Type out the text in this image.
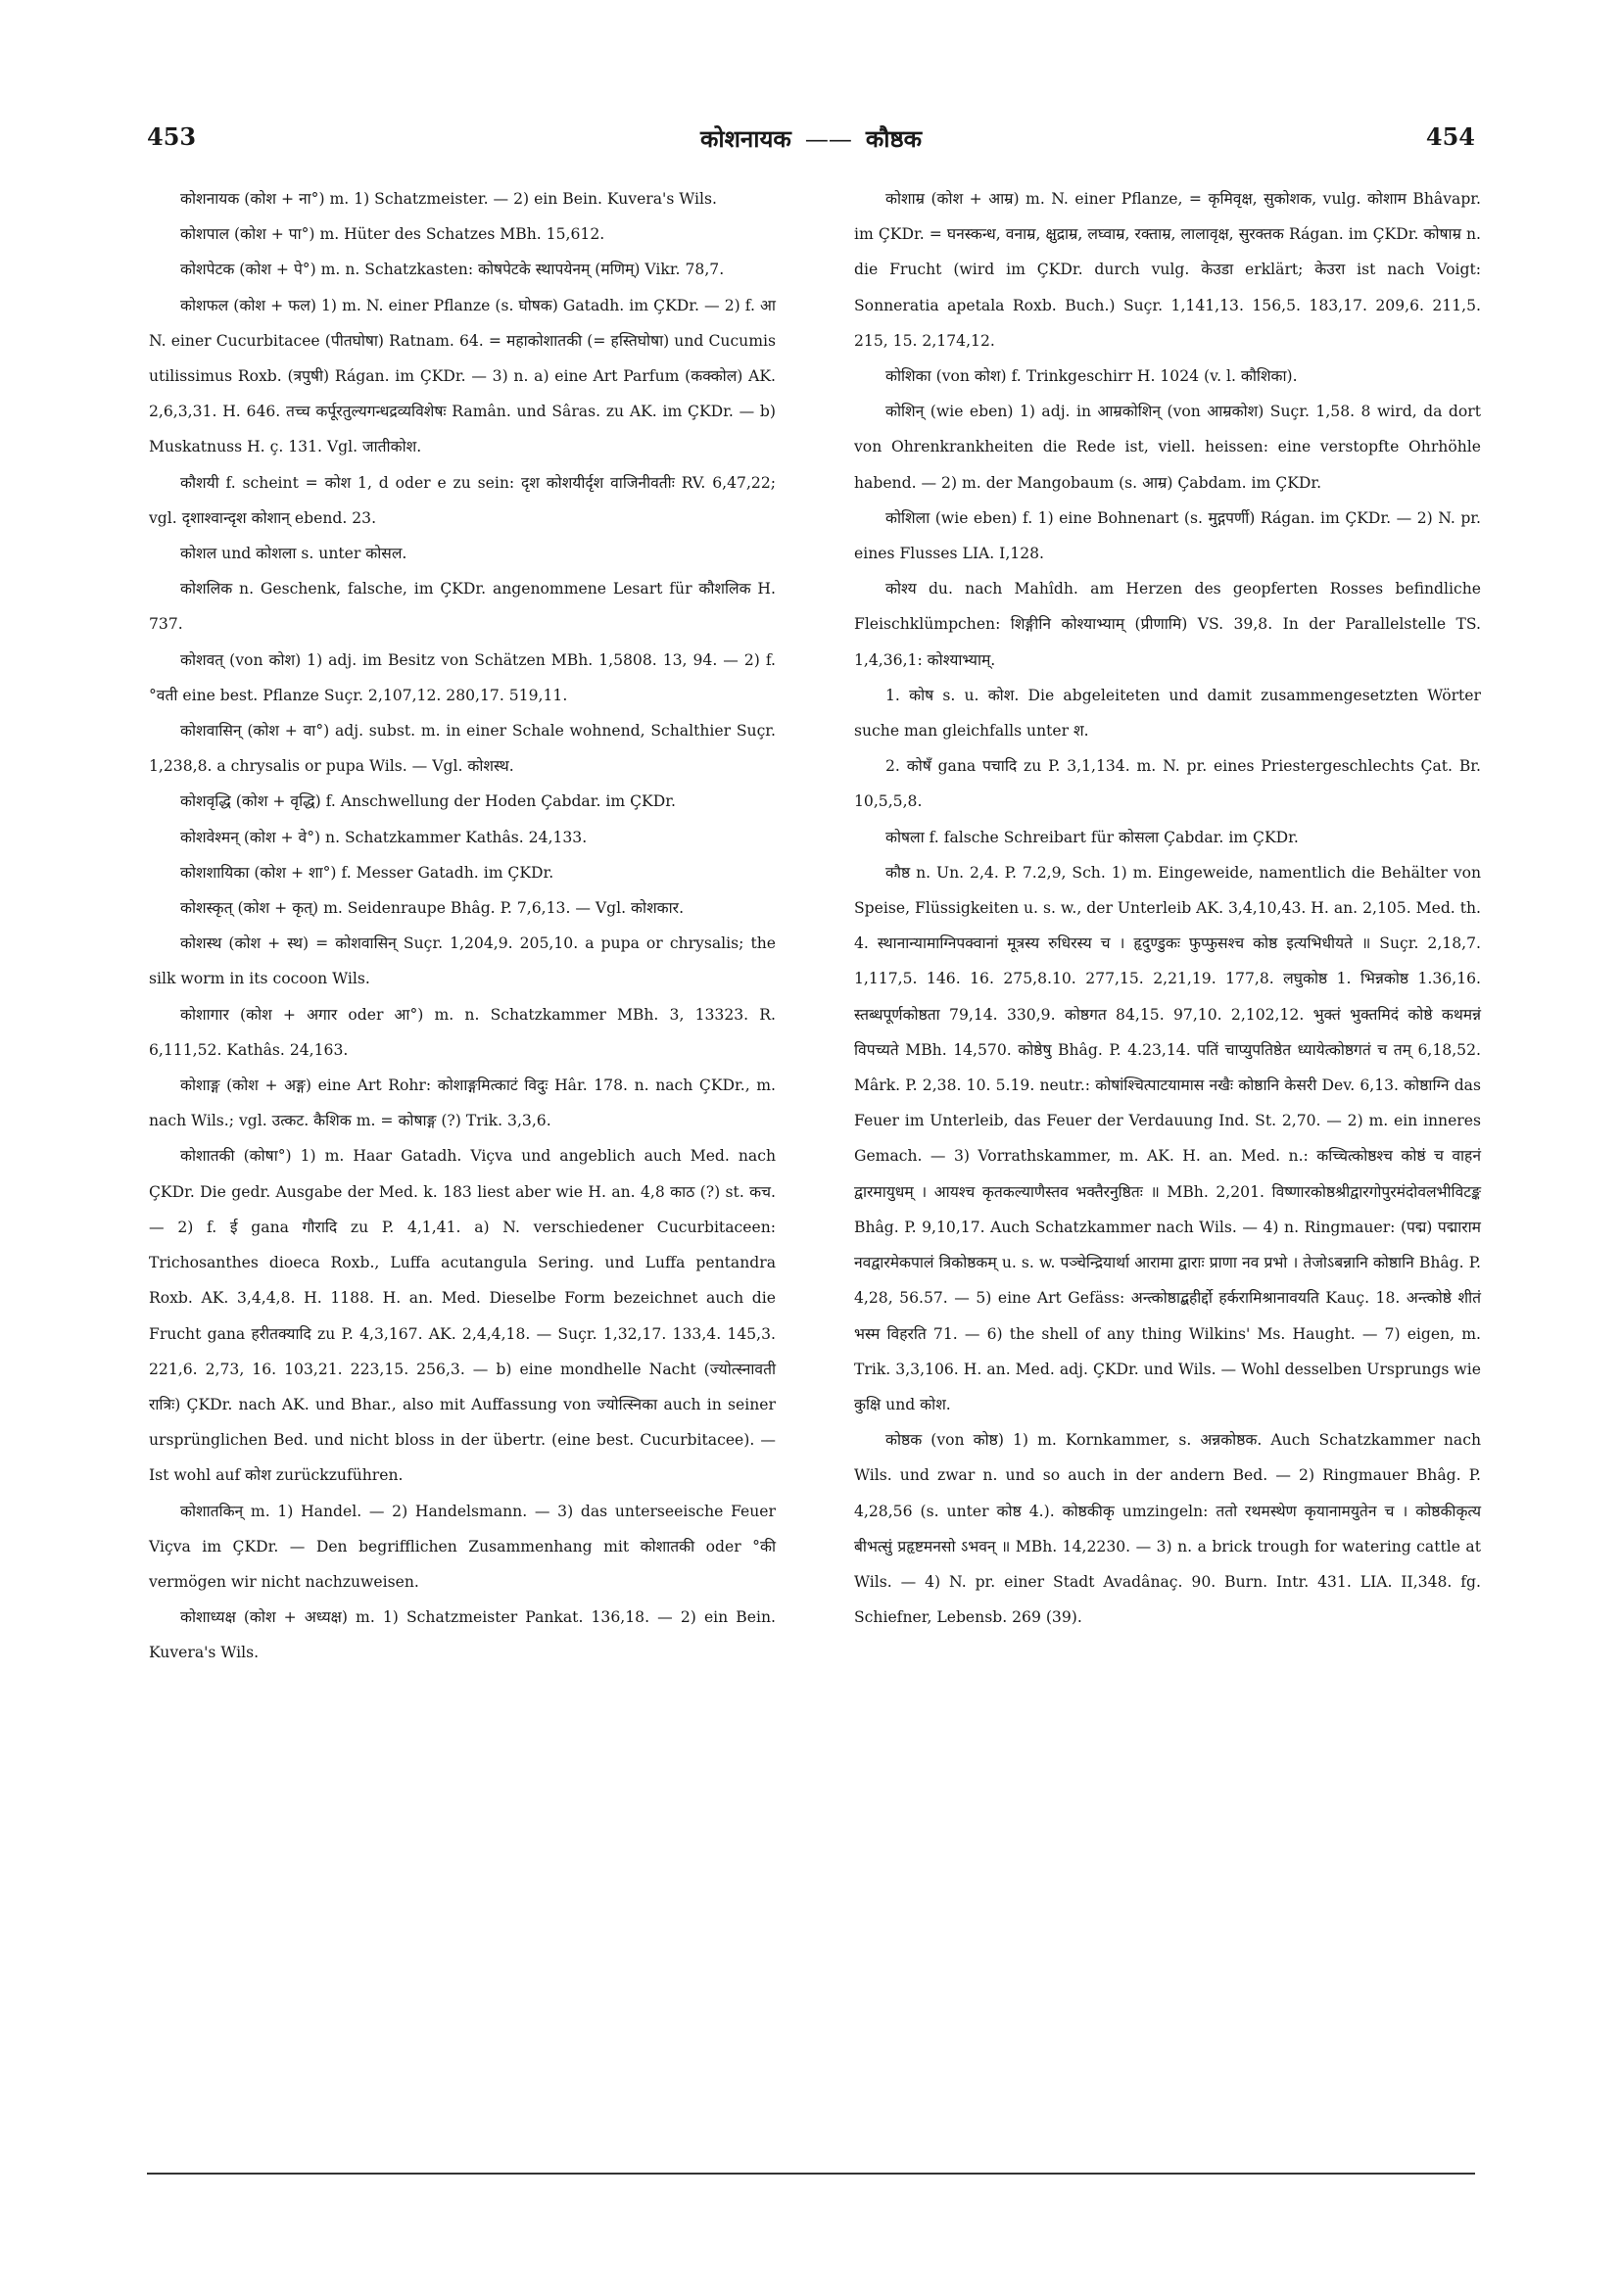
453	कोशनायक —— कौष्ठक	454

कोशनायक (कोश + ना°) m. 1) Schatzmeister. — 2) ein Bein. Kuvera's Wils.

कोशपाल (कोश + पा°) m. Hüter des Schatzes MBh. 15,612.

कोशपेटक (कोश + पे°) m. n. Schatzkasten: कोषपेटके स्थापयेनम् (मणिम्) Vikr. 78,7.

कोशफल (कोश + फल) 1) m. N. einer Pflanze (s. घोषक) Gatadh. im ÇKDr. — 2) f. आ N. einer Cucurbitacee (पीतघोषा) Ratnam. 64. = महाकोशातकी (= हस्तिघोषा) und Cucumis utilissimus Roxb. (त्रपुषी) Rágan. im ÇKDr. — 3) n. a) eine Art Parfum (कक्कोल) AK. 2,6,3,31. H. 646. तच्च कर्पूरतुल्यगन्धद्रव्यविशेषः Ramân. und Sâras. zu AK. im ÇKDr. — b) Muskatnuss H. ç. 131. Vgl. जातीकोश.

कौशयी f. scheint = कोश 1, d oder e zu sein: दृश कोशयीर्दृश वाजिनीवतीः RV. 6,47,22; vgl. दृशाश्वान्दृश कोशान् ebend. 23.

कोशल und कोशला s. unter कोसल.

कोशलिक n. Geschenk, falsche, im ÇKDr. angenommene Lesart für कौशलिक H. 737.

कोशवत् (von कोश) 1) adj. im Besitz von Schätzen MBh. 1,5808. 13, 94. — 2) f. °वती eine best. Pflanze Suçr. 2,107,12. 280,17. 519,11.

कोशवासिन् (कोश + वा°) adj. subst. m. in einer Schale wohnend, Schalthier Suçr. 1,238,8. a chrysalis or pupa Wils. — Vgl. कोशस्थ.

कोशवृद्धि (कोश + वृद्धि) f. Anschwellung der Hoden Çabdar. im ÇKDr.

कोशवेश्मन् (कोश + वे°) n. Schatzkammer Kathâs. 24,133.

कोशशायिका (कोश + शा°) f. Messer Gatadh. im ÇKDr.

कोशस्कृत् (कोश + कृत्) m. Seidenraupe Bhâg. P. 7,6,13. — Vgl. कोशकार.

कोशस्थ (कोश + स्थ) = कोशवासिन् Suçr. 1,204,9. 205,10. a pupa or chrysalis; the silk worm in its cocoon Wils.

कोशागार (कोश + अगार oder आ°) m. n. Schatzkammer MBh. 3, 13323. R. 6,111,52. Kathâs. 24,163.

कोशाङ्ग (कोश + अङ्ग) eine Art Rohr: कोशाङ्गमित्काटं विदुः Hâr. 178. n. nach ÇKDr., m. nach Wils.; vgl. उत्कट. कैशिक m. = कोषाङ्ग (?) Trik. 3,3,6.

कोशातकी (कोषा°) 1) m. Haar Gatadh. Viçva und angeblich auch Med. nach ÇKDr. Die gedr. Ausgabe der Med. k. 183 liest aber wie H. an. 4,8 काठ (?) st. कच. — 2) f. ई gana गौरादि zu P. 4,1,41. a) N. verschiedener Cucurbitaceen: Trichosanthes dioeca Roxb., Luffa acutangula Sering. und Luffa pentandra Roxb. AK. 3,4,4,8. H. 1188. H. an. Med. Dieselbe Form bezeichnet auch die Frucht gana हरीतक्यादि zu P. 4,3,167. AK. 2,4,4,18. — Suçr. 1,32,17. 133,4. 145,3. 221,6. 2,73, 16. 103,21. 223,15. 256,3. — b) eine mondhelle Nacht (ज्योत्स्नावती रात्रिः) ÇKDr. nach AK. und Bhar., also mit Auffassung von ज्योत्स्निका auch in seiner ursprünglichen Bed. und nicht bloss in der übertr. (eine best. Cucurbitacee). — Ist wohl auf कोश zurückzuführen.

कोशातकिन् m. 1) Handel. — 2) Handelsmann. — 3) das unterseeische Feuer Viçva im ÇKDr. — Den begrifflichen Zusammenhang mit कोशातकी oder °की vermögen wir nicht nachzuweisen.

कोशाध्यक्ष (कोश + अध्यक्ष) m. 1) Schatzmeister Pankat. 136,18. — 2) ein Bein. Kuvera's Wils.

कोशाम्र (कोश + आम्र) m. N. einer Pflanze, = कृमिवृक्ष, सुकोशक, vulg. कोशाम Bhâvapr. im ÇKDr. = घनस्कन्ध, वनाम्र, क्षुद्राम्र, लघ्वाम्र, रक्ताम्र, लालावृक्ष, सुरक्तक Rágan. im ÇKDr. कोषाम्र n. die Frucht (wird im ÇKDr. durch vulg. केउडा erklärt; केउरा ist nach Voigt: Sonneratia apetala Roxb. Buch.) Suçr. 1,141,13. 156,5. 183,17. 209,6. 211,5. 215, 15. 2,174,12.

कोशिका (von कोश) f. Trinkgeschirr H. 1024 (v. l. कौशिका).

कोशिन् (wie eben) 1) adj. in आम्रकोशिन् (von आम्रकोश) Suçr. 1,58. 8 wird, da dort von Ohrenkrankheiten die Rede ist, viell. heissen: eine verstopfte Ohrhöhle habend. — 2) m. der Mangobaum (s. आम्र) Çabdam. im ÇKDr.

कोशिला (wie eben) f. 1) eine Bohnenart (s. मुद्गपर्णी) Rágan. im ÇKDr. — 2) N. pr. eines Flusses LIA. I,128.

कोश्य du. nach Mahîdh. am Herzen des geopferten Rosses befindliche Fleischklümpchen: शिङ्गीनि कोश्याभ्याम् (प्रीणामि) VS. 39,8. In der Parallelstelle TS. 1,4,36,1: कोश्याभ्याम्.

1. कोष s. u. कोश. Die abgeleiteten und damit zusammengesetzten Wörter suche man gleichfalls unter श.

2. कोषँ gana पचादि zu P. 3,1,134. m. N. pr. eines Priestergeschlechts Çat. Br. 10,5,5,8.

कोषला f. falsche Schreibart für कोसला Çabdar. im ÇKDr.

कौष्ठ n. Un. 2,4. P. 7.2,9, Sch. 1) m. Eingeweide, namentlich die Behälter von Speise, Flüssigkeiten u. s. w., der Unterleib AK. 3,4,10,43. H. an. 2,105. Med. th. 4. स्थानान्यामाग्निपक्वानां मूत्रस्य रुधिरस्य च । हृदुण्डुकः फुप्फुसश्च कोष्ठ इत्यभिधीयते ॥ Suçr. 2,18,7. 1,117,5. 146. 16. 275,8.10. 277,15. 2,21,19. 177,8. लघुकोष्ठ 1. भिन्नकोष्ठ 1.36,16. स्तब्धपूर्णकोष्ठता 79,14. 330,9. कोष्ठगत 84,15. 97,10. 2,102,12. भुक्तं भुक्तमिदं कोष्ठे कथमन्नं विपच्यते MBh. 14,570. कोष्ठेषु Bhâg. P. 4.23,14. पतिं चाप्युपतिष्ठेत ध्यायेत्कोष्ठगतं च तम् 6,18,52. Mârk. P. 2,38. 10. 5.19. neutr.: कोषांश्चित्पाटयामास नखैः कोष्ठानि केसरी Dev. 6,13. कोष्ठाग्नि das Feuer im Unterleib, das Feuer der Verdauung Ind. St. 2,70. — 2) m. ein inneres Gemach. — 3) Vorrathskammer, m. AK. H. an. Med. n.: कच्चित्कोष्ठश्च कोष्ठं च वाहनं द्वारमायुधम् । आयश्च कृतकल्याणैस्तव भक्तैरनुष्ठितः ॥ MBh. 2,201. विष्णारकोष्ठश्रीद्वारगोपुरमंदोवलभीविटङ्क Bhâg. P. 9,10,17. Auch Schatzkammer nach Wils. — 4) n. Ringmauer: (पद्म) पद्माराम नवद्वारमेकपालं त्रिकोष्ठकम् u. s. w. पञ्चेन्द्रियार्था आरामा द्वाराः प्राणा नव प्रभो । तेजोऽबन्नानि कोष्ठानि Bhâg. P. 4,28, 56.57. — 5) eine Art Gefäss: अन्त्कोष्ठाद्बहीर्द्दो हर्करामिश्रानावयति Kauç. 18. अन्त्कोष्ठे शीतं भस्म विहरति 71. — 6) the shell of any thing Wilkins' Ms. Haught. — 7) eigen, m. Trik. 3,3,106. H. an. Med. adj. ÇKDr. und Wils. — Wohl desselben Ursprungs wie कुक्षि und कोश.

कोष्ठक (von कोष्ठ) 1) m. Kornkammer, s. अन्नकोष्ठक. Auch Schatzkammer nach Wils. und zwar n. und so auch in der andern Bed. — 2) Ringmauer Bhâg. P. 4,28,56 (s. unter कोष्ठ 4.). कोष्ठकीकृ umzingeln: ततो रथमस्थेण कृयानामयुतेन च । कोष्ठकीकृत्य बीभत्सुं प्रहृष्टमनसो ऽभवन् ॥ MBh. 14,2230. — 3) n. a brick trough for watering cattle at Wils. — 4) N. pr. einer Stadt Avadânaç. 90. Burn. Intr. 431. LIA. II,348. fg. Schiefner, Lebensb. 269 (39).
